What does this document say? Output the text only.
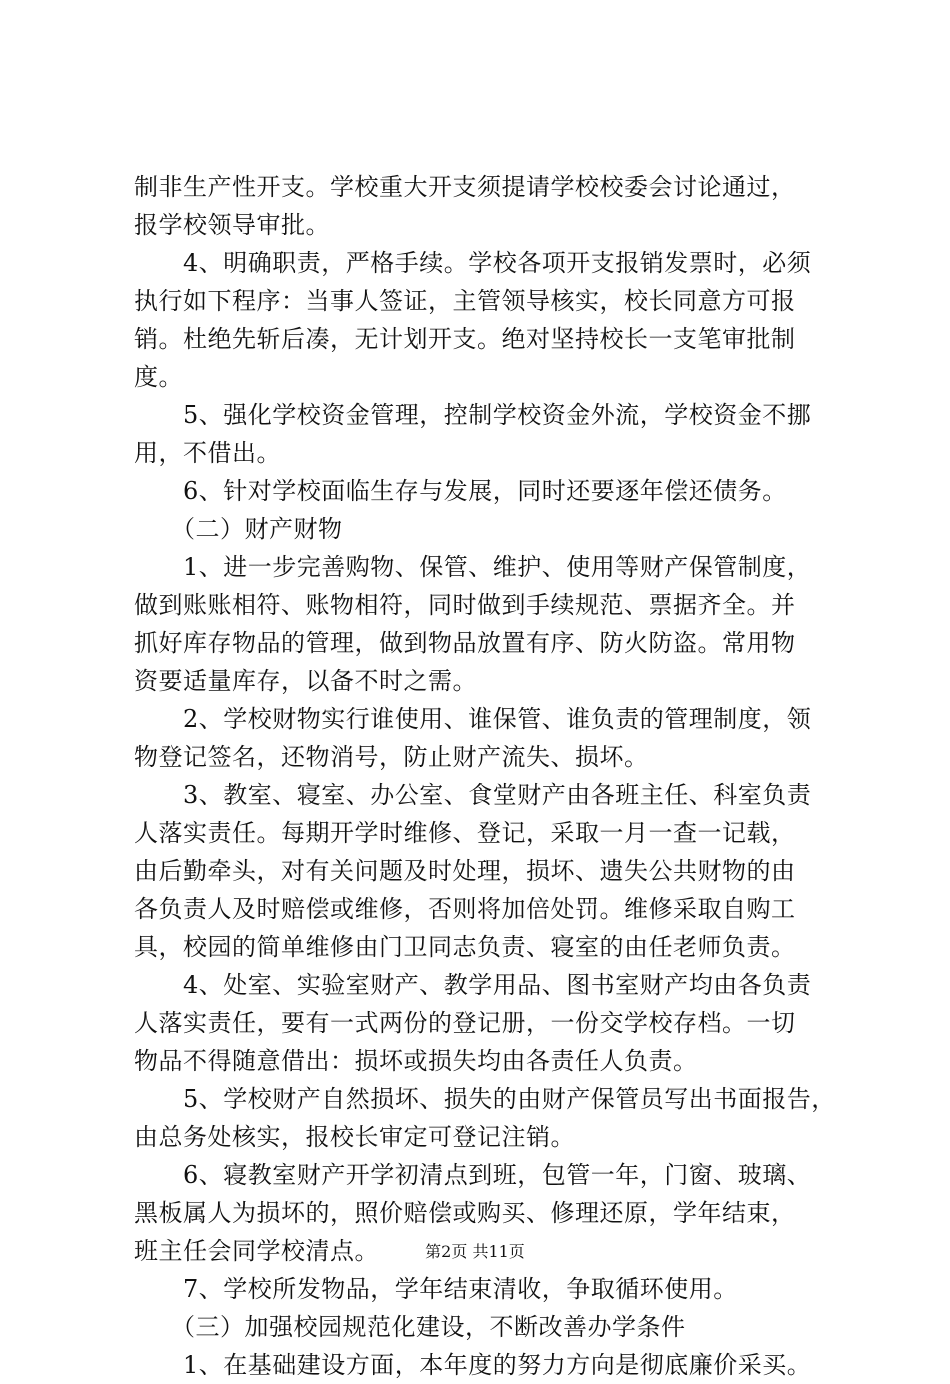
制非生产性开支。学校重大开支须提请学校校委会讨论通过，
报学校领导审批。
　　4、明确职责，严格手续。学校各项开支报销发票时，必须
执行如下程序：当事人签证，主管领导核实，校长同意方可报
销。杜绝先斩后凑，无计划开支。绝对坚持校长一支笔审批制
度。
　　5、强化学校资金管理，控制学校资金外流，学校资金不挪
用，不借出。
　　6、针对学校面临生存与发展，同时还要逐年偿还债务。
　　（二）财产财物
　　1、进一步完善购物、保管、维护、使用等财产保管制度，
做到账账相符、账物相符，同时做到手续规范、票据齐全。并
抓好库存物品的管理，做到物品放置有序、防火防盗。常用物
资要适量库存，以备不时之需。
　　2、学校财物实行谁使用、谁保管、谁负责的管理制度，领
物登记签名，还物消号，防止财产流失、损坏。
　　3、教室、寝室、办公室、食堂财产由各班主任、科室负责
人落实责任。每期开学时维修、登记，采取一月一查一记载，
由后勤牵头，对有关问题及时处理，损坏、遗失公共财物的由
各负责人及时赔偿或维修，否则将加倍处罚。维修采取自购工
具，校园的简单维修由门卫同志负责、寝室的由任老师负责。
　　4、处室、实验室财产、教学用品、图书室财产均由各负责
人落实责任，要有一式两份的登记册，一份交学校存档。一切
物品不得随意借出：损坏或损失均由各责任人负责。
　　5、学校财产自然损坏、损失的由财产保管员写出书面报告，
由总务处核实，报校长审定可登记注销。
　　6、寝教室财产开学初清点到班，包管一年，门窗、玻璃、
黑板属人为损坏的，照价赔偿或购买、修理还原，学年结束，
班主任会同学校清点。
　　7、学校所发物品，学年结束清收，争取循环使用。
　　（三）加强校园规范化建设，不断改善办学条件
　　1、在基础建设方面，本年度的努力方向是彻底廉价采买。
第2页 共11页
